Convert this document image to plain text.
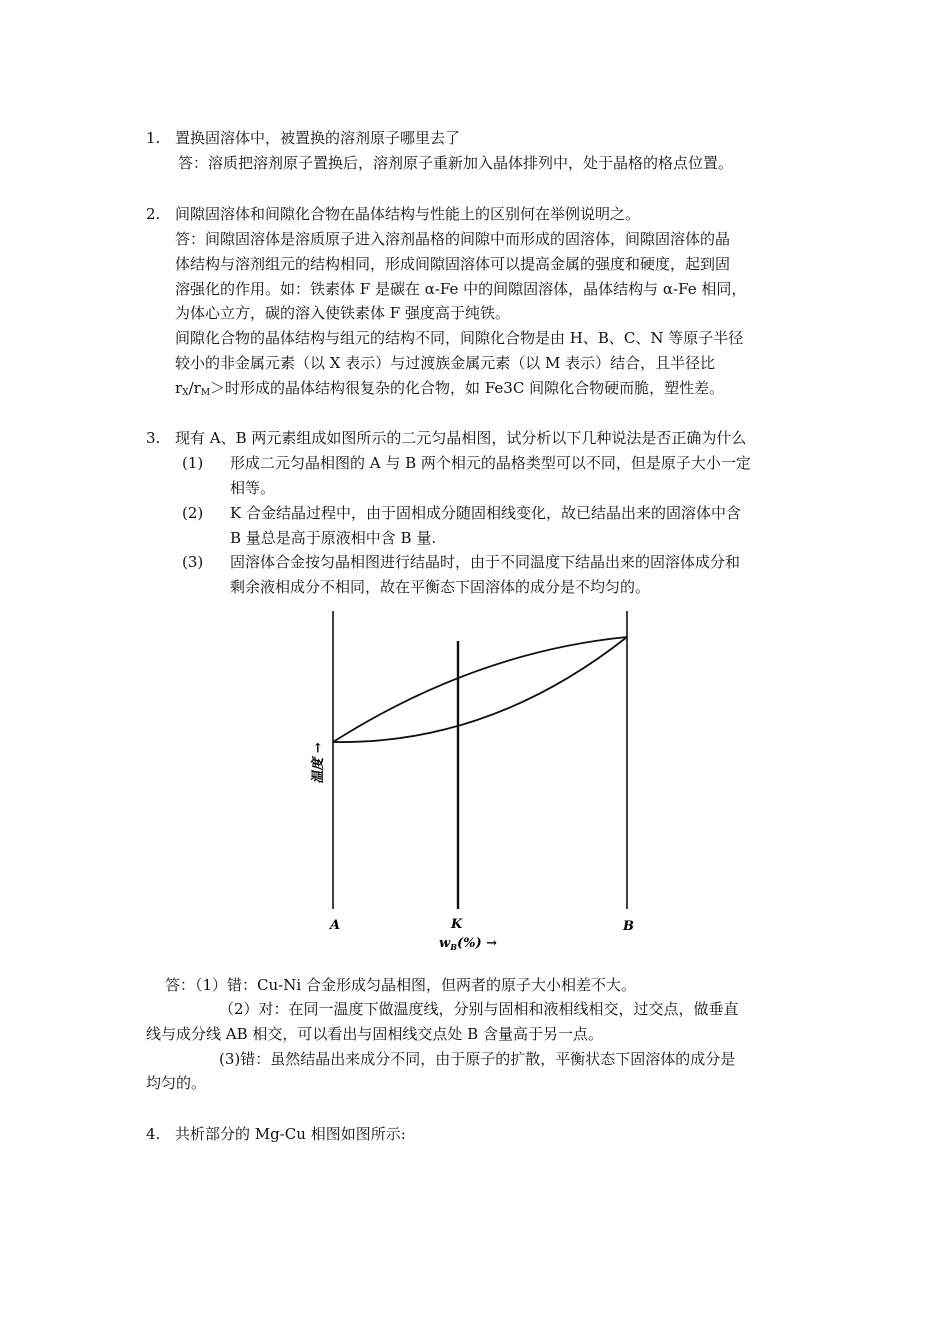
1. 置换固溶体中，被置换的溶剂原子哪里去了
答：溶质把溶剂原子置换后，溶剂原子重新加入晶体排列中，处于晶格的格点位置。
2. 间隙固溶体和间隙化合物在晶体结构与性能上的区别何在举例说明之。
答：间隙固溶体是溶质原子进入溶剂晶格的间隙中而形成的固溶体，间隙固溶体的晶
体结构与溶剂组元的结构相同，形成间隙固溶体可以提高金属的强度和硬度，起到固
溶强化的作用。如：铁素体 F 是碳在 α-Fe 中的间隙固溶体，晶体结构与 α-Fe 相同，
为体心立方，碳的溶入使铁素体 F 强度高于纯铁。
间隙化合物的晶体结构与组元的结构不同，间隙化合物是由 H、B、C、N 等原子半径
较小的非金属元素（以 X 表示）与过渡族金属元素（以 M 表示）结合，且半径比
$r_X/r_M>$时形成的晶体结构很复杂的化合物，如 Fe3C 间隙化合物硬而脆，塑性差。
3. 现有 A、B 两元素组成如图所示的二元匀晶相图，试分析以下几种说法是否正确为什么
(1) 形成二元匀晶相图的 A 与 B 两个相元的晶格类型可以不同，但是原子大小一定
相等。
(2) K 合金结晶过程中，由于固相成分随固相线变化，故已结晶出来的固溶体中含
B 量总是高于原液相中含 B 量.
(3) 固溶体合金按匀晶相图进行结晶时，由于不同温度下结晶出来的固溶体成分和
剩余液相成分不相同，故在平衡态下固溶体的成分是不均匀的。
A	K	B
$w_B(\%)$ →
温度 →
答：（1）错：Cu-Ni 合金形成匀晶相图，但两者的原子大小相差不大。
（2）对：在同一温度下做温度线，分别与固相和液相线相交，过交点，做垂直
线与成分线 AB 相交，可以看出与固相线交点处 B 含量高于另一点。
(3)错：虽然结晶出来成分不同，由于原子的扩散，平衡状态下固溶体的成分是
均匀的。
4. 共析部分的 Mg-Cu 相图如图所示:
